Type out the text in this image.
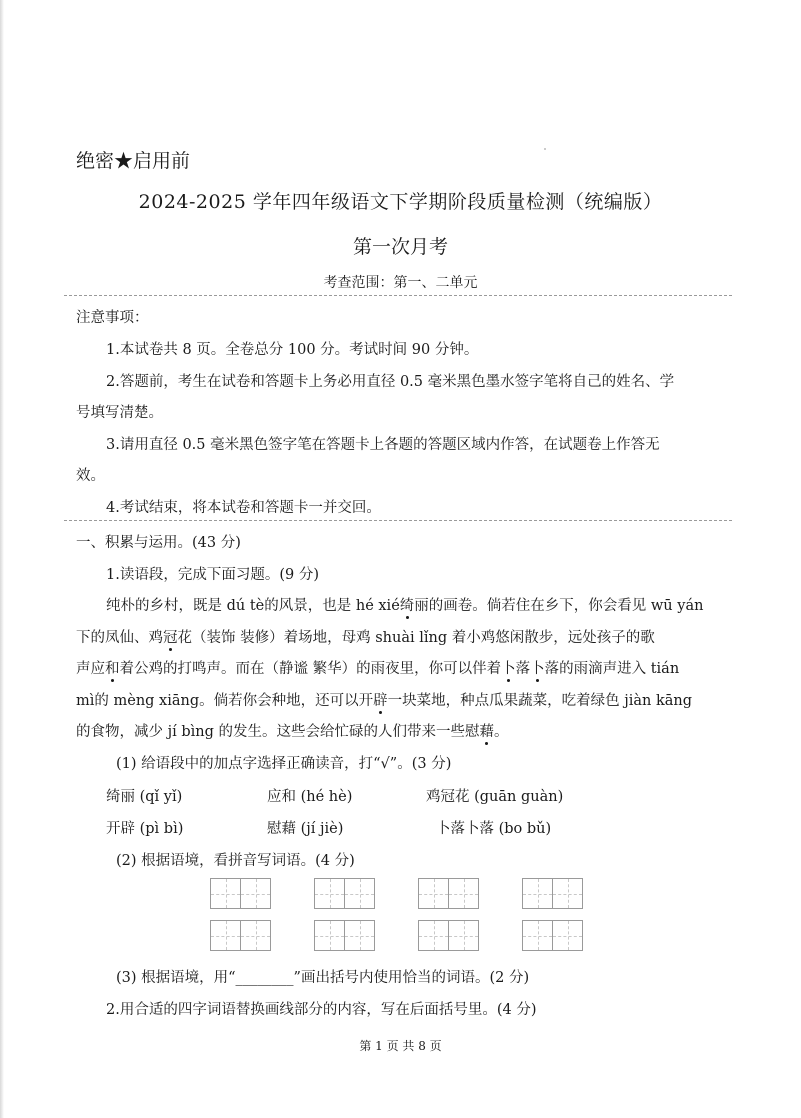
绝密★启用前
2024-2025 学年四年级语文下学期阶段质量检测（统编版）
第一次月考
考查范围：第一、二单元
注意事项：
1.本试卷共 8 页。全卷总分 100 分。考试时间 90 分钟。
2.答题前，考生在试卷和答题卡上务必用直径 0.5 毫米黑色墨水签字笔将自己的姓名、学
号填写清楚。
3.请用直径 0.5 毫米黑色签字笔在答题卡上各题的答题区域内作答，在试题卷上作答无
效。
4.考试结束，将本试卷和答题卡一并交回。
一、积累与运用。(43 分)
1.读语段，完成下面习题。(9 分)
纯朴的乡村，既是 dú tè的风景，也是 hé xié绮丽的画卷。倘若住在乡下，你会看见 wū yán
下的凤仙、鸡冠花（装饰 装修）着场地，母鸡 shuài lǐng 着小鸡悠闲散步，远处孩子的歌
声应和着公鸡的打鸣声。而在（静谧 繁华）的雨夜里，你可以伴着卜落卜落的雨滴声进入 tián
mì的 mèng xiāng。倘若你会种地，还可以开辟一块菜地，种点瓜果蔬菜，吃着绿色 jiàn kāng
的食物，减少 jí bìng 的发生。这些会给忙碌的人们带来一些慰藉。
(1) 给语段中的加点字选择正确读音，打“√”。(3 分)
绮丽 (qǐ yǐ)	应和 (hé hè)	鸡冠花 (guān guàn)
开辟 (pì bì)	慰藉 (jí jiè)	卜落卜落 (bo bǔ)
(2) 根据语境，看拼音写词语。(4 分)
(3) 根据语境，用“________”画出括号内使用恰当的词语。(2 分)
2.用合适的四字词语替换画线部分的内容，写在后面括号里。(4 分)
第 1 页 共 8 页
